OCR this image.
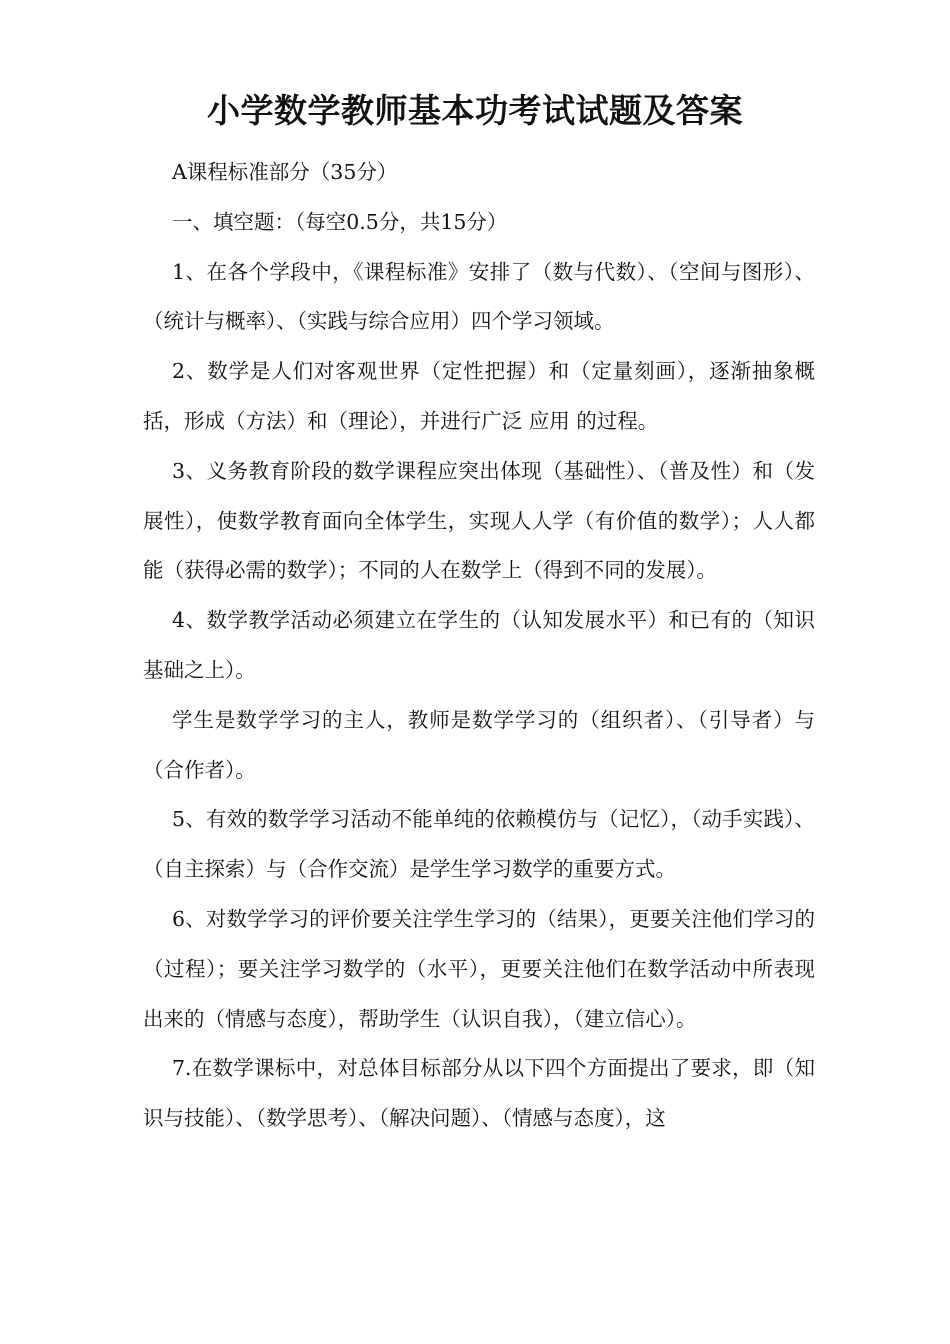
小学数学教师基本功考试试题及答案

A课程标准部分（35分）

一、填空题：（每空0.5分，共15分）

1、在各个学段中，《课程标准》安排了（数与代数）、（空间与图形）、（统计与概率）、（实践与综合应用）四个学习领域。

2、数学是人们对客观世界（定性把握）和（定量刻画），逐渐抽象概括，形成（方法）和（理论），并进行广泛 应用 的过程。

3、义务教育阶段的数学课程应突出体现（基础性）、（普及性）和（发展性），使数学教育面向全体学生，实现人人学（有价值的数学）；人人都能（获得必需的数学）；不同的人在数学上（得到不同的发展）。

4、数学教学活动必须建立在学生的（认知发展水平）和已有的（知识基础之上）。

学生是数学学习的主人，教师是数学学习的（组织者）、（引导者）与（合作者）。

5、有效的数学学习活动不能单纯的依赖模仿与（记忆），（动手实践）、（自主探索）与（合作交流）是学生学习数学的重要方式。

6、对数学学习的评价要关注学生学习的（结果），更要关注他们学习的（过程）；要关注学习数学的（水平），更要关注他们在数学活动中所表现出来的（情感与态度），帮助学生（认识自我），（建立信心）。

7.在数学课标中，对总体目标部分从以下四个方面提出了要求，即（知识与技能）、（数学思考）、（解决问题）、（情感与态度），这
